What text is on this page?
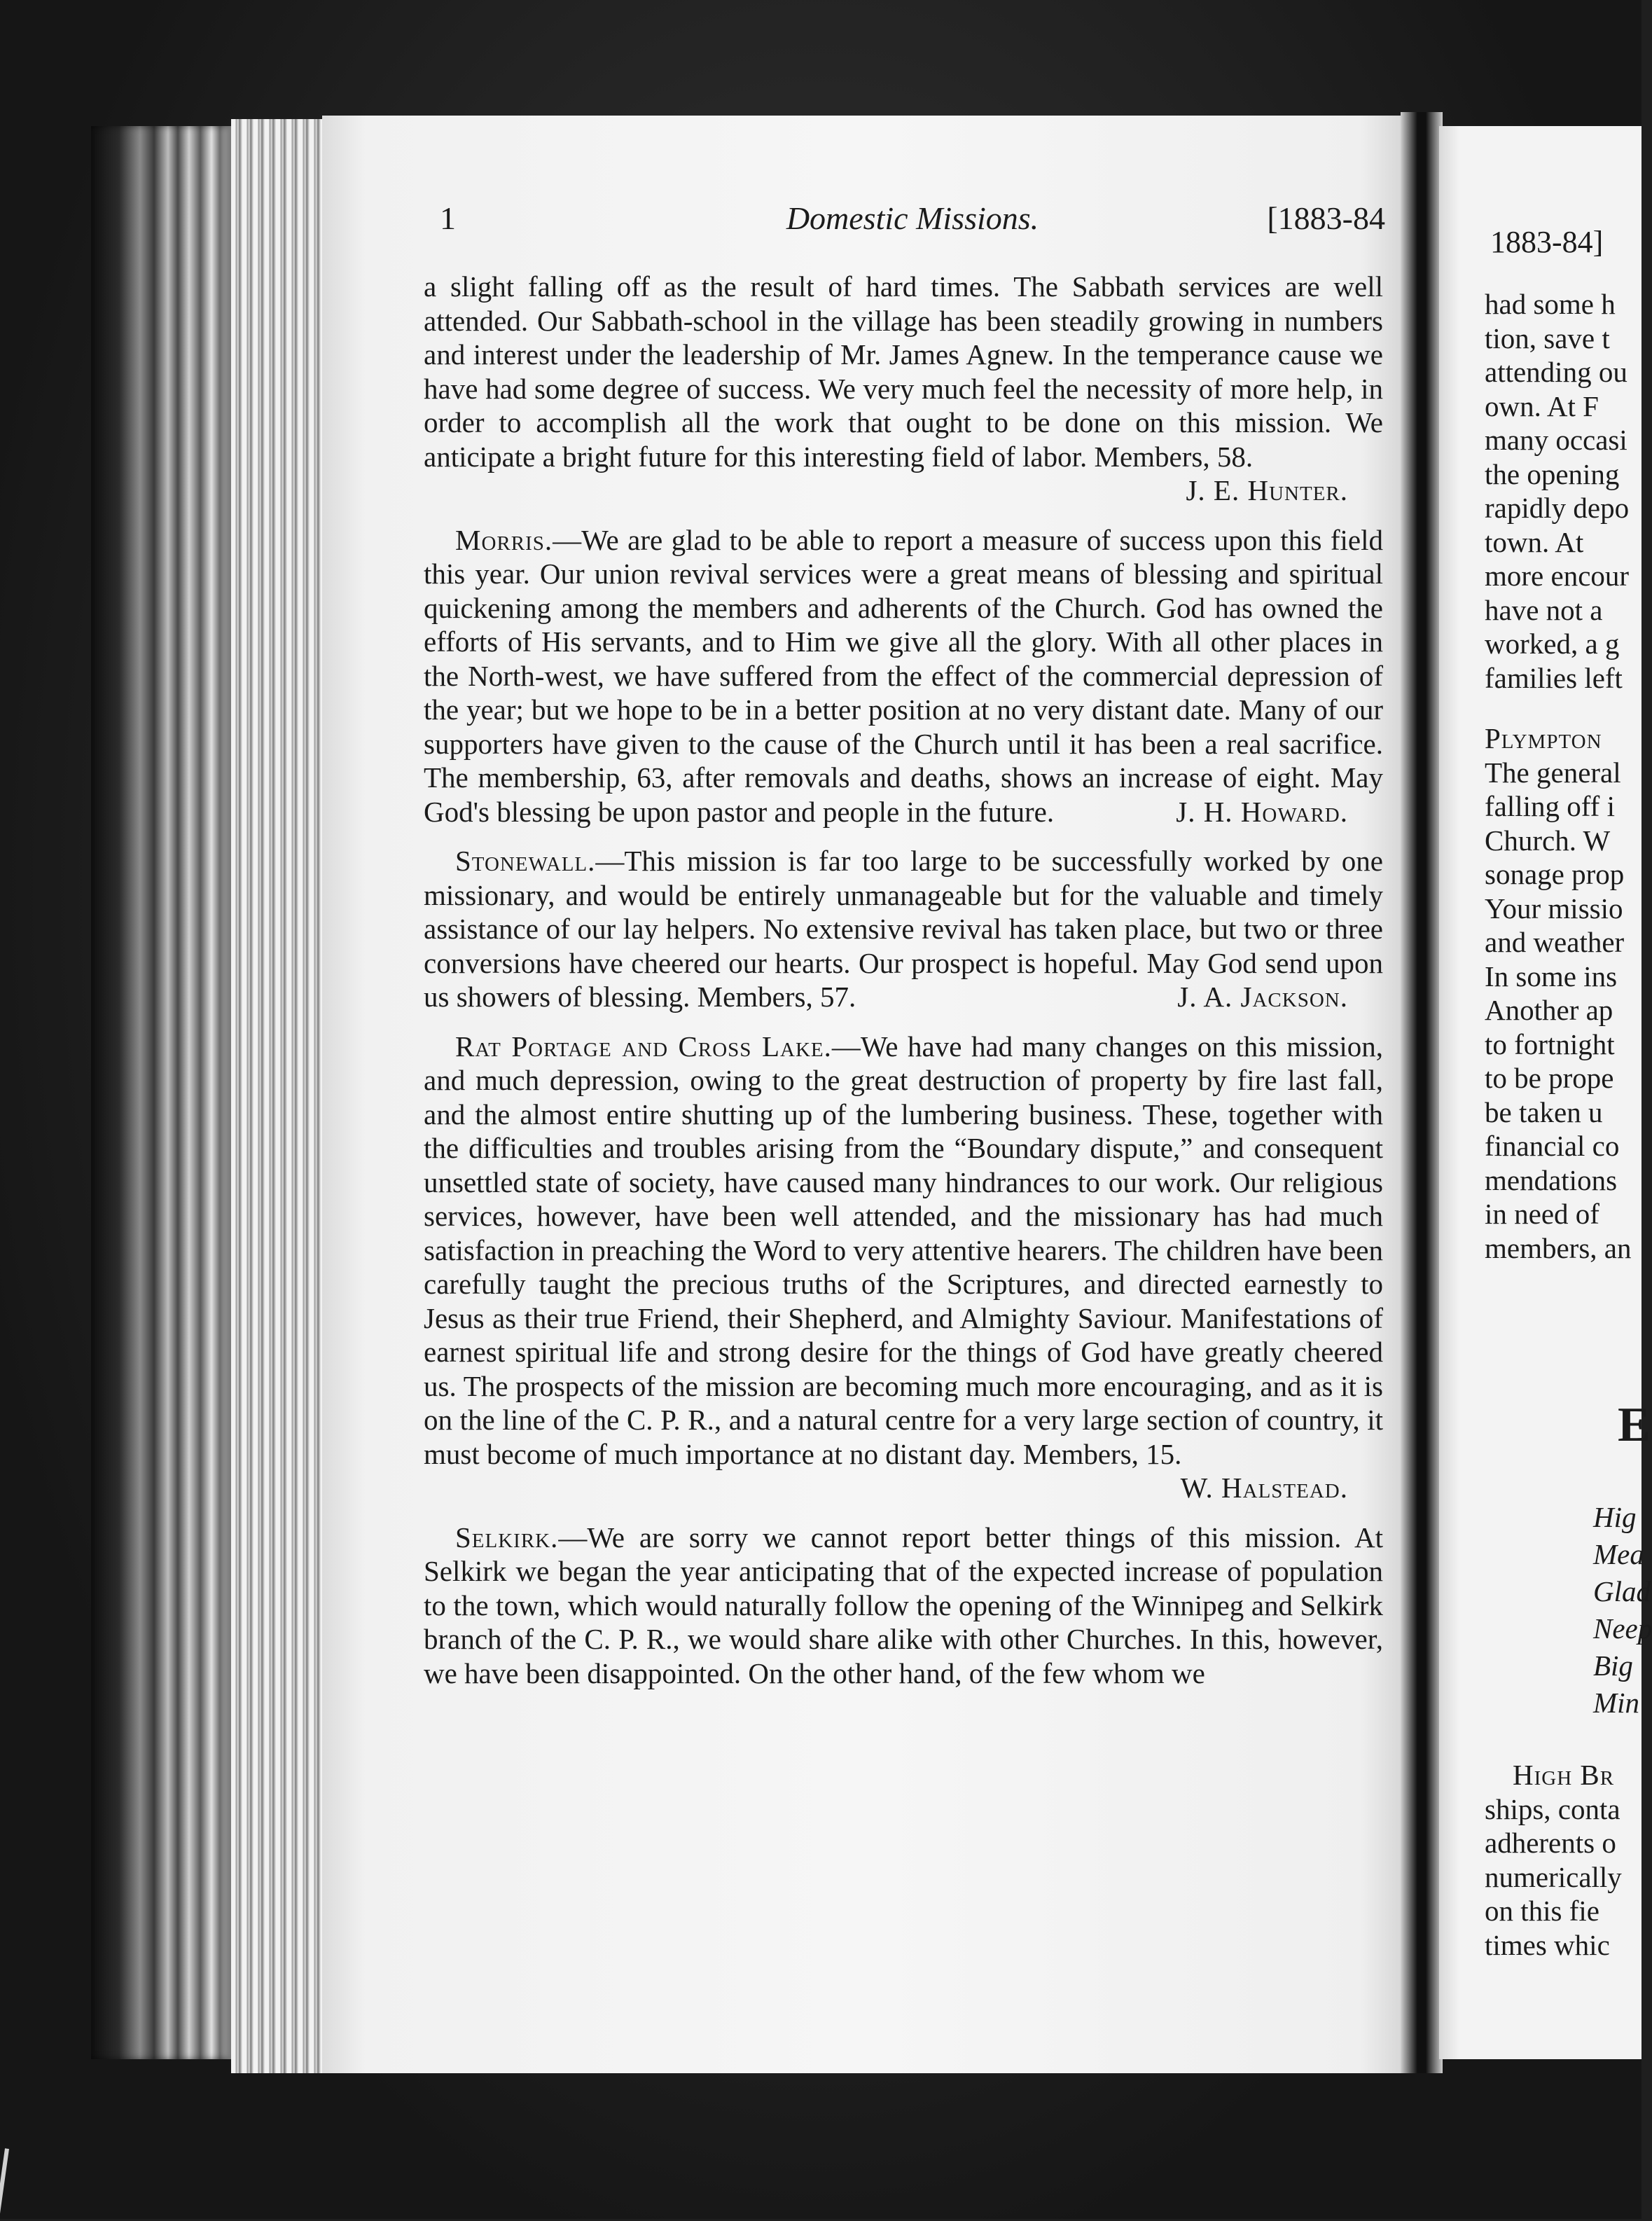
1	Domestic Missions.	[1883-84

a slight falling off as the result of hard times. The Sabbath services are well attended. Our Sabbath-school in the village has been steadily growing in numbers and interest under the leadership of Mr. James Agnew. In the temperance cause we have had some degree of success. We very much feel the necessity of more help, in order to accomplish all the work that ought to be done on this mission. We anticipate a bright future for this interesting field of labor. Members, 58.
J. E. Hunter.

Morris.—We are glad to be able to report a measure of success upon this field this year. Our union revival services were a great means of blessing and spiritual quickening among the members and adherents of the Church. God has owned the efforts of His servants, and to Him we give all the glory. With all other places in the North-west, we have suffered from the effect of the commercial depression of the year; but we hope to be in a better position at no very distant date. Many of our supporters have given to the cause of the Church until it has been a real sacrifice. The membership, 63, after removals and deaths, shows an increase of eight. May God's blessing be upon pastor and people in the future.	J. H. Howard.

Stonewall.—This mission is far too large to be successfully worked by one missionary, and would be entirely unmanageable but for the valuable and timely assistance of our lay helpers. No extensive revival has taken place, but two or three conversions have cheered our hearts. Our prospect is hopeful. May God send upon us showers of blessing. Members, 57.	J. A. Jackson.

Rat Portage and Cross Lake.—We have had many changes on this mission, and much depression, owing to the great destruction of property by fire last fall, and the almost entire shutting up of the lumbering business. These, together with the difficulties and troubles arising from the “Boundary dispute,” and consequent unsettled state of society, have caused many hindrances to our work. Our religious services, however, have been well attended, and the missionary has had much satisfaction in preaching the Word to very attentive hearers. The children have been carefully taught the precious truths of the Scriptures, and directed earnestly to Jesus as their true Friend, their Shepherd, and Almighty Saviour. Manifestations of earnest spiritual life and strong desire for the things of God have greatly cheered us. The prospects of the mission are becoming much more encouraging, and as it is on the line of the C. P. R., and a natural centre for a very large section of country, it must become of much importance at no distant day. Members, 15.
W. Halstead.

Selkirk.—We are sorry we cannot report better things of this mission. At Selkirk we began the year anticipating that of the expected increase of population to the town, which would naturally follow the opening of the Winnipeg and Selkirk branch of the C. P. R., we would share alike with other Churches. In this, however, we have been disappointed. On the other hand, of the few whom we

1883-84]
had some h
tion, save t
attending ou
own. At F
many occasi
the opening
rapidly depo
town. At
more encour
have not a
worked, a g
families left
Plympton
The general
falling off i
Church. W
sonage prop
Your missio
and weather
In some ins
Another ap
to fortnight
to be prope
be taken u
financial co
mendations
in need of
members, an
Hig
Mea
Glad
Neep
Big
Min
High Br
ships, conta
adherents o
numerically
on this fie
times whic
E
